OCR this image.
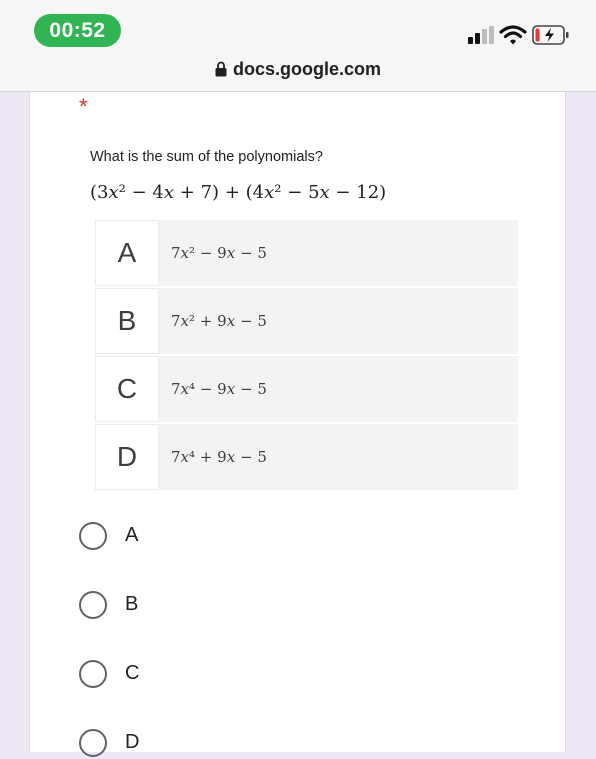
00:52
docs.google.com
*
What is the sum of the polynomials?
(3x² − 4x + 7) + (4x² − 5x − 12)
A	7x² − 9x − 5
B	7x² + 9x − 5
C	7x⁴ − 9x − 5
D	7x⁴ + 9x − 5
A
B
C
D
